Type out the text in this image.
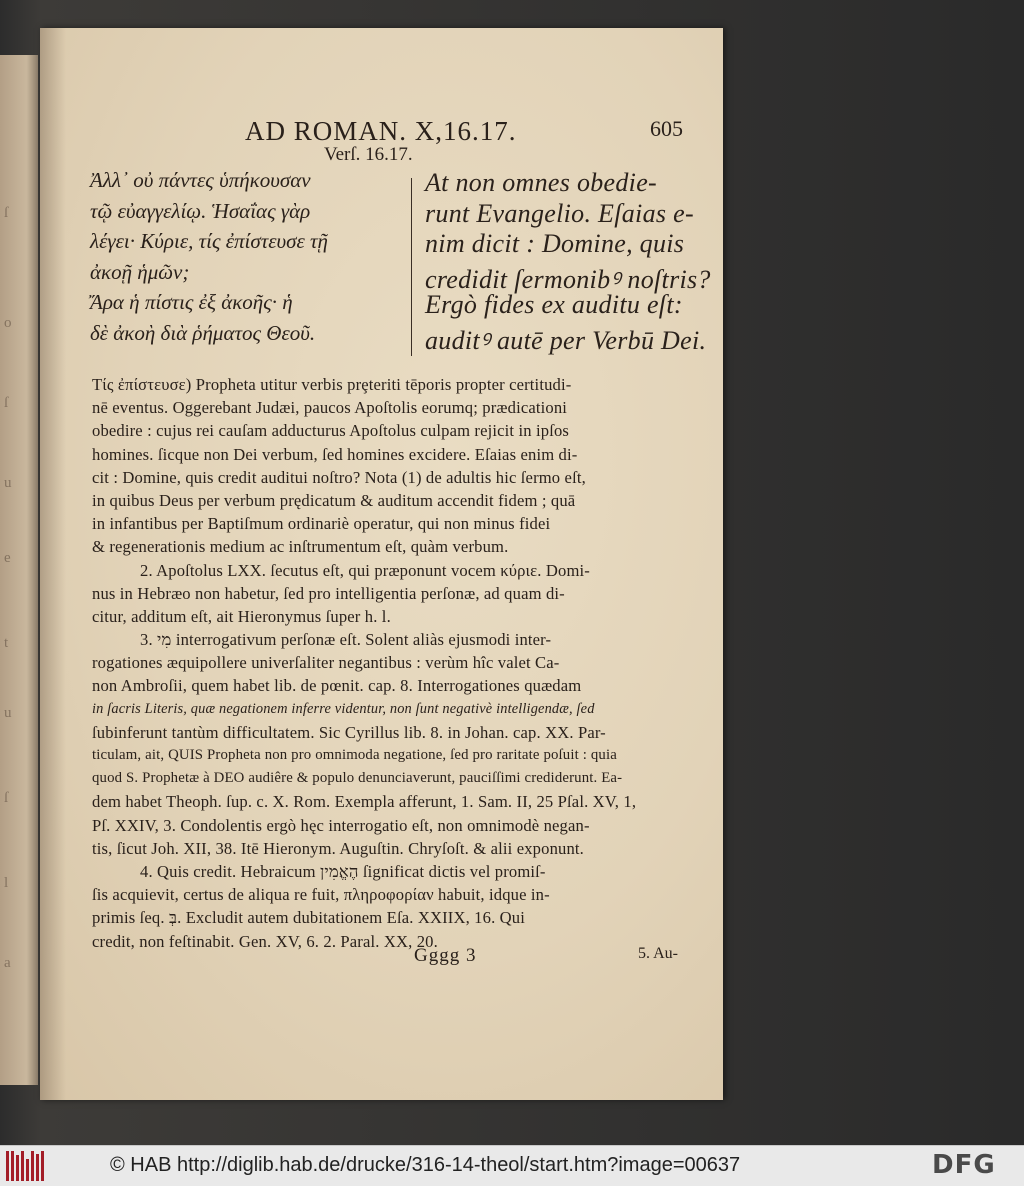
ſ
o
ſ
u
e
t
u
ſ
l
a
AD ROMAN. X,16.17.	605
Verſ. 16.17.
Ἀλλ᾽ οὐ πάντες ὑπήκουσαν
τῷ εὐαγγελίῳ. Ἡσαΐας γὰρ
λέγει· Κύριε, τίς ἐπίστευσε τῇ
ἀκοῇ ἡμῶν;
Ἄρα ἡ πίστις ἐξ ἀκοῆς· ἡ
δὲ ἀκοὴ διὰ ῥήματος Θεοῦ.
At non omnes obedie-
runt Evangelio. Eſaias e-
nim dicit : Domine, quis
credidit ſermonibꝰ noſtris?
Ergò fides ex auditu eſt:
auditꝰ autē per Verbū Dei.
Τίς ἐπίστευσε) Propheta utitur verbis prȩteriti tēporis propter certitudi-
nē eventus. Oggerebant Judæi, paucos Apoſtolis eorumq; prædicationi
obedire : cujus rei cauſam adducturus Apoſtolus culpam rejicit in ipſos
homines. ſicque non Dei verbum, ſed homines excidere. Eſaias enim di-
cit : Domine, quis credit auditui noſtro? Nota (1) de adultis hic ſermo eſt,
in quibus Deus per verbum prędicatum & auditum accendit fidem ; quā
in infantibus per Baptiſmum ordinariè operatur, qui non minus fidei
& regenerationis medium ac inſtrumentum eſt, quàm verbum.
2. Apoſtolus LXX. ſecutus eſt, qui præponunt vocem κύριε. Domi-
nus in Hebræo non habetur, ſed pro intelligentia perſonæ, ad quam di-
citur, additum eſt, ait Hieronymus ſuper h. l.
3. מִי interrogativum perſonæ eſt. Solent aliàs ejusmodi inter-
rogationes æquipollere univerſaliter negantibus : verùm hîc valet Ca-
non Ambroſii, quem habet lib. de pœnit. cap. 8. Interrogationes quædam
in ſacris Literis, quæ negationem inferre videntur, non ſunt negativè intelligendæ, ſed
ſubinferunt tantùm difficultatem. Sic Cyrillus lib. 8. in Johan. cap. XX. Par-
ticulam, ait, QUIS Propheta non pro omnimoda negatione, ſed pro raritate poſuit : quia
quod S. Prophetæ à DEO audiêre & populo denunciaverunt, pauciſſimi crediderunt. Ea-
dem habet Theoph. ſup. c. X. Rom. Exempla afferunt, 1. Sam. II, 25 Pſal. XV, 1,
Pſ. XXIV, 3. Condolentis ergò hęc interrogatio eſt, non omnimodè negan-
tis, ſicut Joh. XII, 38. Itē Hieronym. Auguſtin. Chryſoſt. & alii exponunt.
4. Quis credit. Hebraicum הֶאֱמִין ſignificat dictis vel promiſ-
ſis acquievit, certus de aliqua re fuit, πληροφορίαν habuit, idque in-
primis ſeq. בְּ. Excludit autem dubitationem Eſa. XXIIX, 16. Qui
credit, non feſtinabit. Gen. XV, 6. 2. Paral. XX, 20.
Gggg 3	5. Au-
© HAB http://diglib.hab.de/drucke/316-14-theol/start.htm?image=00637	DFG
